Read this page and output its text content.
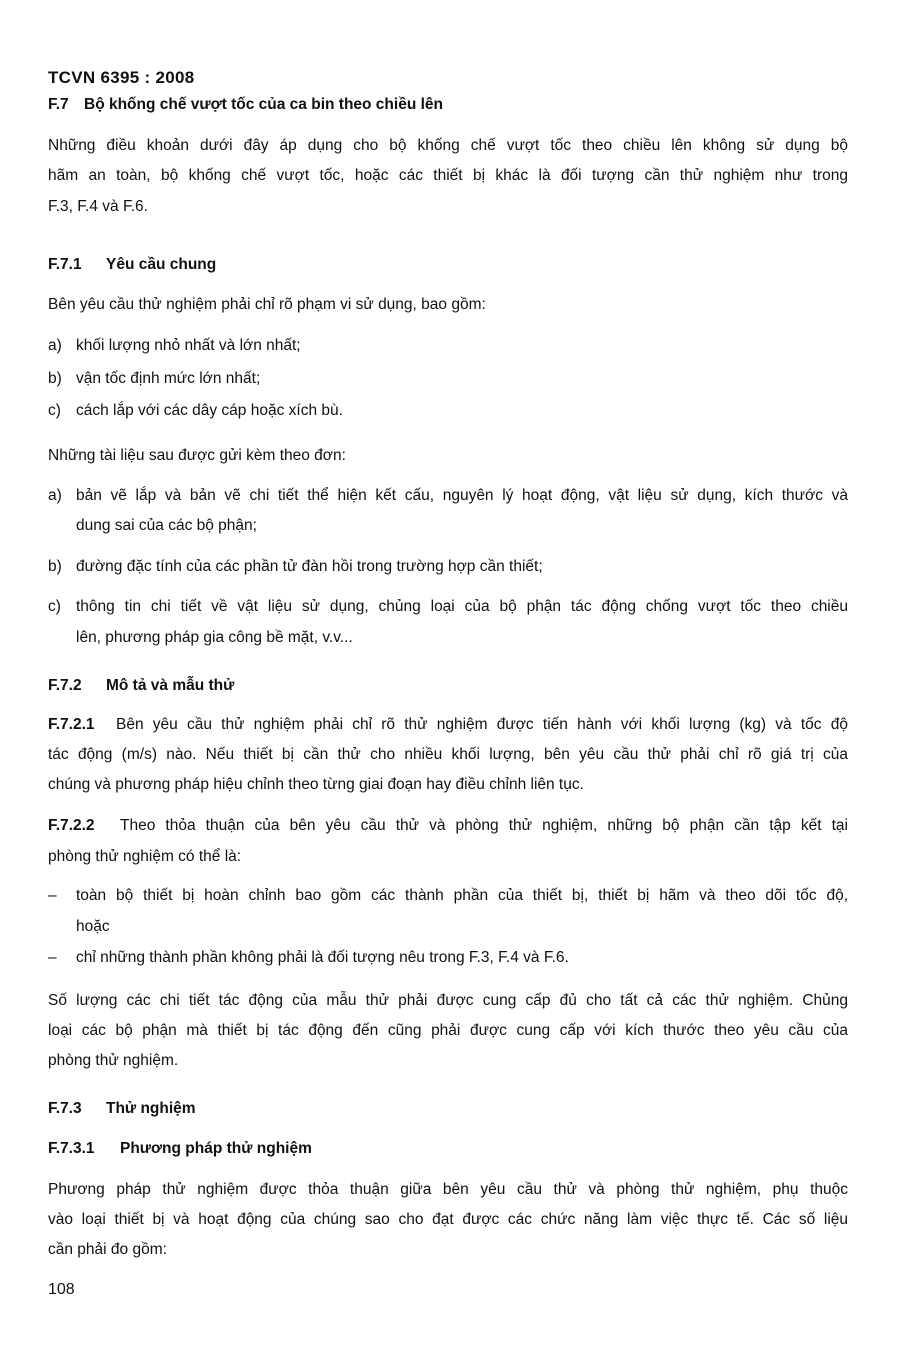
TCVN 6395 : 2008
F.7 Bộ khống chế vượt tốc của ca bin theo chiều lên
Những điều khoản dưới đây áp dụng cho bộ khống chế vượt tốc theo chiều lên không sử dụng bộ
hãm an toàn, bộ khống chế vượt tốc, hoặc các thiết bị khác là đối tượng cần thử nghiệm như trong
F.3, F.4 và F.6.
F.7.1 Yêu cầu chung
Bên yêu cầu thử nghiệm phải chỉ rõ phạm vi sử dụng, bao gồm:
a) khối lượng nhỏ nhất và lớn nhất;
b) vận tốc định mức lớn nhất;
c) cách lắp với các dây cáp hoặc xích bù.
Những tài liệu sau được gửi kèm theo đơn:
a) bản vẽ lắp và bản vẽ chi tiết thể hiện kết cấu, nguyên lý hoạt động, vật liệu sử dụng, kích thước và
dung sai của các bộ phận;
b) đường đặc tính của các phần tử đàn hồi trong trường hợp cần thiết;
c) thông tin chi tiết về vật liệu sử dụng, chủng loại của bộ phận tác động chống vượt tốc theo chiều
lên, phương pháp gia công bề mặt, v.v...
F.7.2 Mô tả và mẫu thử
F.7.2.1 Bên yêu cầu thử nghiệm phải chỉ rõ thử nghiệm được tiến hành với khối lượng (kg) và tốc độ
tác động (m/s) nào. Nếu thiết bị cần thử cho nhiều khối lượng, bên yêu cầu thử phải chỉ rõ giá trị của
chúng và phương pháp hiệu chỉnh theo từng giai đoạn hay điều chỉnh liên tục.
F.7.2.2 Theo thỏa thuận của bên yêu cầu thử và phòng thử nghiệm, những bộ phận cần tập kết tại
phòng thử nghiệm có thể là:
– toàn bộ thiết bị hoàn chỉnh bao gồm các thành phần của thiết bị, thiết bị hãm và theo dõi tốc độ,
hoặc
– chỉ những thành phần không phải là đối tượng nêu trong F.3, F.4 và F.6.
Số lượng các chi tiết tác động của mẫu thử phải được cung cấp đủ cho tất cả các thử nghiệm. Chủng
loại các bộ phận mà thiết bị tác động đến cũng phải được cung cấp với kích thước theo yêu cầu của
phòng thử nghiệm.
F.7.3 Thử nghiệm
F.7.3.1 Phương pháp thử nghiệm
Phương pháp thử nghiệm được thỏa thuận giữa bên yêu cầu thử và phòng thử nghiệm, phụ thuộc
vào loại thiết bị và hoạt động của chúng sao cho đạt được các chức năng làm việc thực tế. Các số liệu
cần phải đo gồm:
108
